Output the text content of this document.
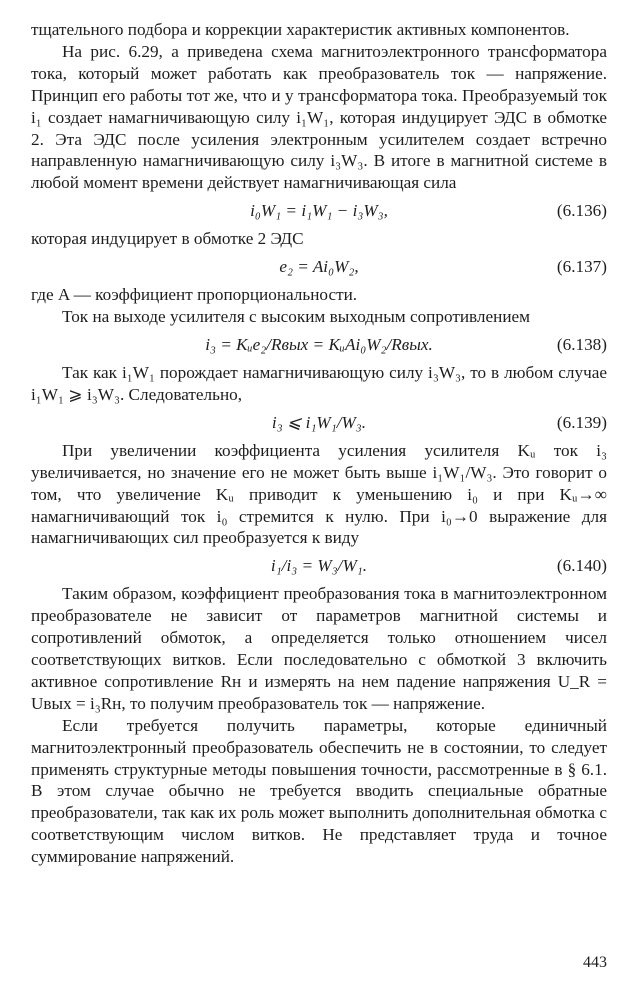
тщательного подбора и коррекции характеристик активных компонентов.

На рис. 6.29, а приведена схема магнитоэлектронного трансформатора тока, который может работать как преобразователь ток — напряжение. Принцип его работы тот же, что и у трансформатора тока. Преобразуемый ток i₁ создает намагничивающую силу i₁W₁, которая индуцирует ЭДС в обмотке 2. Эта ЭДС после усиления электронным усилителем создает встречно направленную намагничивающую силу i₃W₃. В итоге в магнитной системе в любой момент времени действует намагничивающая сила

i₀W₁ = i₁W₁ − i₃W₃,	(6.136)

которая индуцирует в обмотке 2 ЭДС

e₂ = Ai₀W₂,	(6.137)

где A — коэффициент пропорциональности.

Ток на выходе усилителя с высоким выходным сопротивлением

i₃ = Kᵤe₂/Rвых = KᵤAi₀W₂/Rвых.	(6.138)

Так как i₁W₁ порождает намагничивающую силу i₃W₃, то в любом случае i₁W₁ ⩾ i₃W₃. Следовательно,

i₃ ⩽ i₁W₁/W₃.	(6.139)

При увеличении коэффициента усиления усилителя Kᵤ ток i₃ увеличивается, но значение его не может быть выше i₁W₁/W₃. Это говорит о том, что увеличение Kᵤ приводит к уменьшению i₀ и при Kᵤ→∞ намагничивающий ток i₀ стремится к нулю. При i₀→0 выражение для намагничивающих сил преобразуется к виду

i₁/i₃ = W₃/W₁.	(6.140)

Таким образом, коэффициент преобразования тока в магнитоэлектронном преобразователе не зависит от параметров магнитной системы и сопротивлений обмоток, а определяется только отношением чисел соответствующих витков. Если последовательно с обмоткой 3 включить активное сопротивление Rн и измерять на нем падение напряжения U_R = Uвых = i₃Rн, то получим преобразователь ток — напряжение.

Если требуется получить параметры, которые единичный магнитоэлектронный преобразователь обеспечить не в состоянии, то следует применять структурные методы повышения точности, рассмотренные в § 6.1. В этом случае обычно не требуется вводить специальные обратные преобразователи, так как их роль может выполнить дополнительная обмотка с соответствующим числом витков. Не представляет труда и точное суммирование напряжений.

443
